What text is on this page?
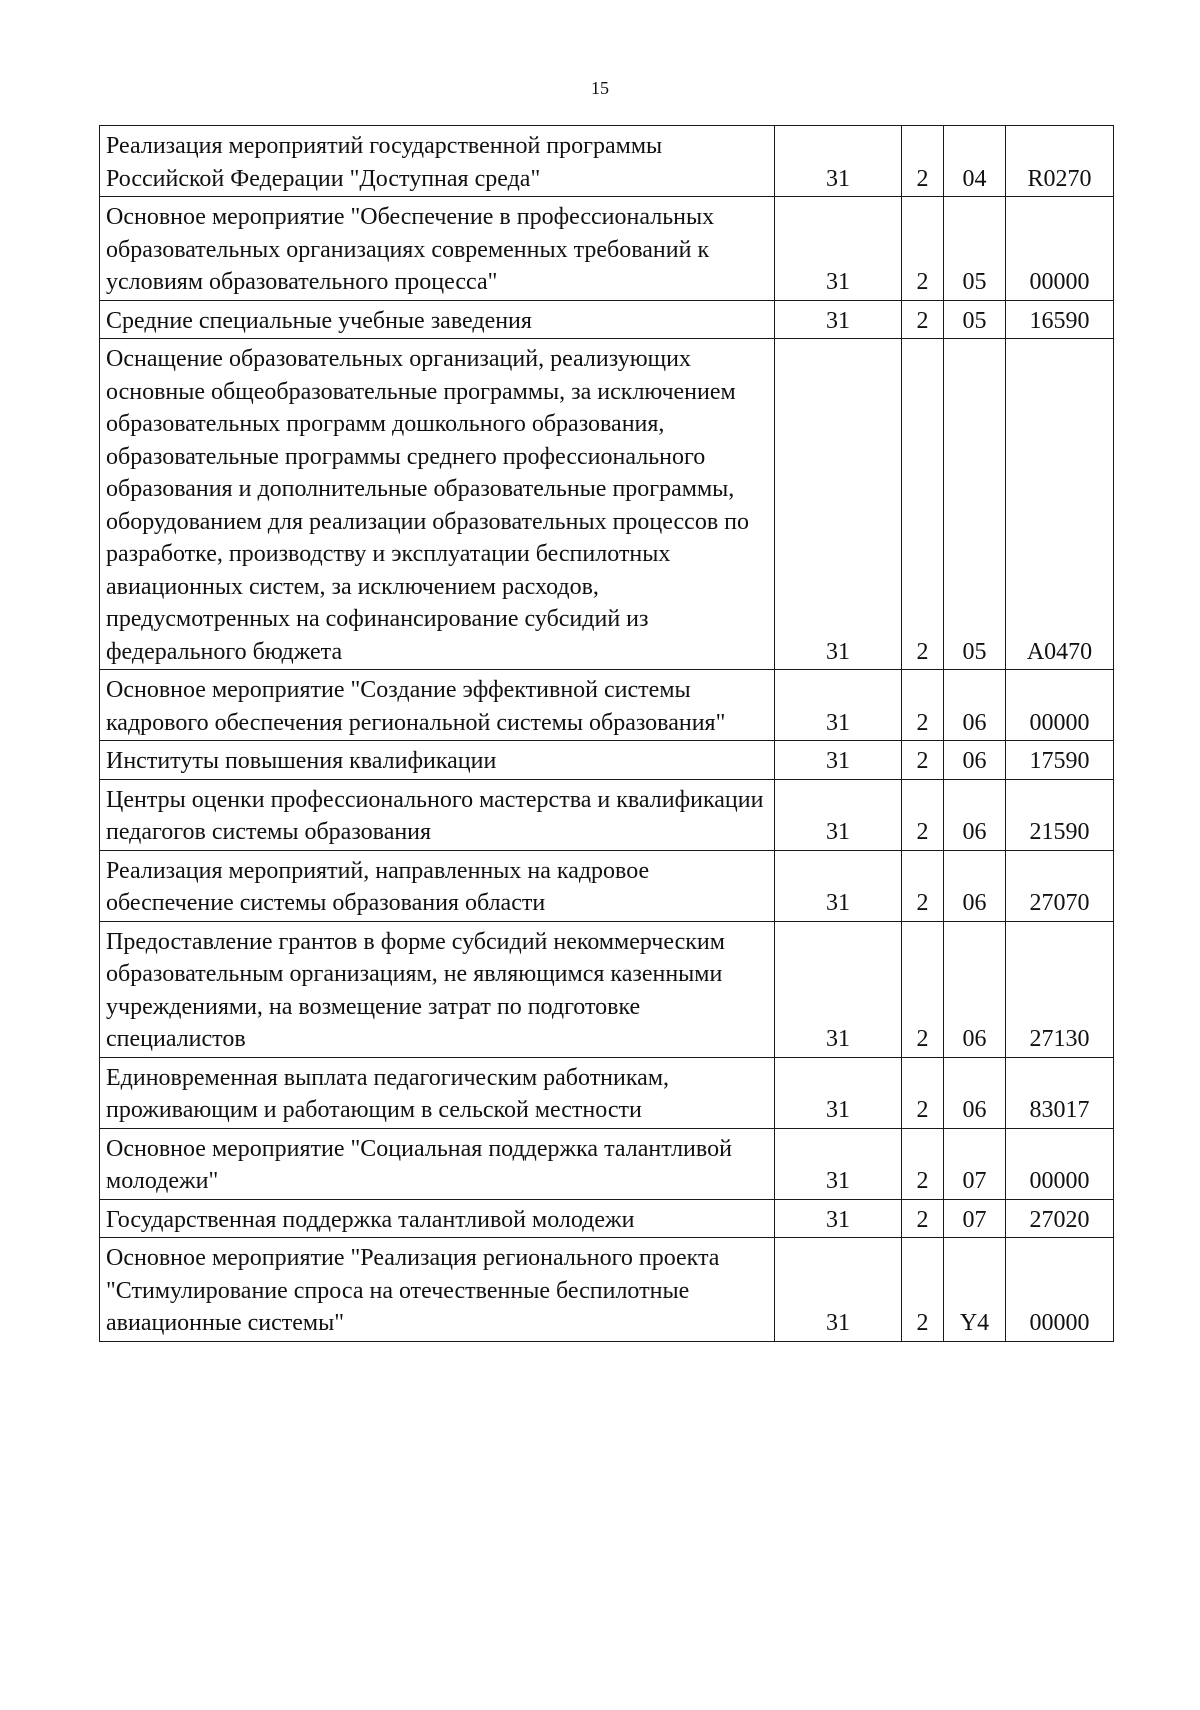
15
Реализация мероприятий государственной программы Российской Федерации "Доступная среда"	31	2	04	R0270
Основное мероприятие "Обеспечение в профессиональных образовательных организациях современных требований к условиям образовательного процесса"	31	2	05	00000
Средние специальные учебные заведения	31	2	05	16590
Оснащение образовательных организаций, реализующих основные общеобразовательные программы, за исключением образовательных программ дошкольного образования, образовательные программы среднего профессионального образования и дополнительные образовательные программы, оборудованием для реализации образовательных процессов по разработке, производству и эксплуатации беспилотных авиационных систем, за исключением расходов, предусмотренных на софинансирование субсидий из федерального бюджета	31	2	05	A0470
Основное мероприятие "Создание эффективной системы кадрового обеспечения региональной системы образования"	31	2	06	00000
Институты повышения квалификации	31	2	06	17590
Центры оценки профессионального мастерства и квалификации педагогов системы образования	31	2	06	21590
Реализация мероприятий, направленных на кадровое обеспечение системы образования области	31	2	06	27070
Предоставление грантов в форме субсидий некоммерческим образовательным организациям, не являющимся казенными учреждениями, на возмещение затрат по подготовке специалистов	31	2	06	27130
Единовременная выплата педагогическим работникам, проживающим и работающим в сельской местности	31	2	06	83017
Основное мероприятие "Социальная поддержка талантливой молодежи"	31	2	07	00000
Государственная поддержка талантливой молодежи	31	2	07	27020
Основное мероприятие "Реализация регионального проекта "Стимулирование спроса на отечественные беспилотные авиационные системы"	31	2	Y4	00000
